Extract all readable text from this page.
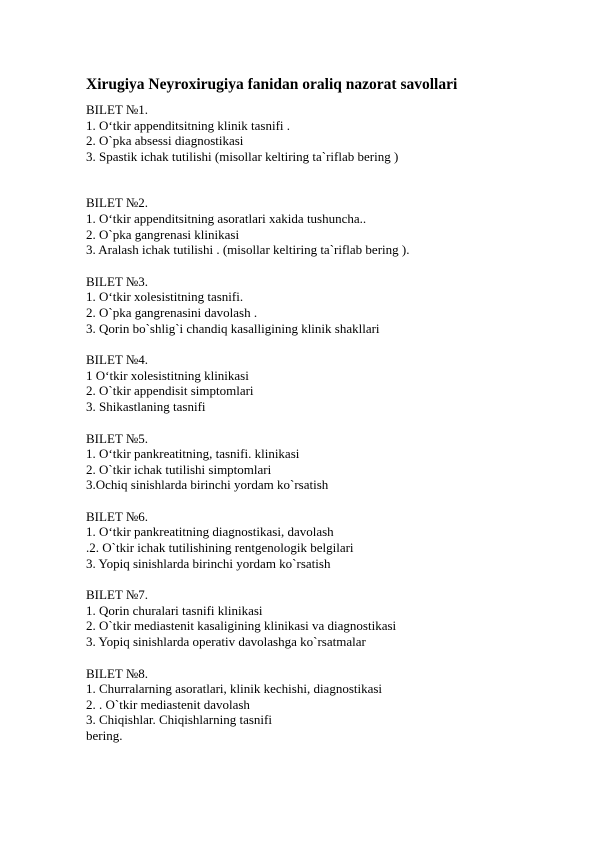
Xirugiya Neyroxirugiya fanidan oraliq nazorat savollari
BILET №1.
1. O‘tkir appenditsitning klinik tasnifi .
2. O`pka absessi diagnostikasi
3. Spastik ichak tutilishi (misollar keltiring ta`riflab bering )
BILET №2.
1. O‘tkir appenditsitning asoratlari xakida tushuncha..
2. O`pka gangrenasi klinikasi
3. Aralash ichak tutilishi . (misollar keltiring ta`riflab bering ).
BILET №3.
1. O‘tkir xolesistitning tasnifi.
2. O`pka gangrenasini davolash .
3. Qorin bo`shlig`i chandiq kasalligining klinik shakllari
BILET №4.
1 O‘tkir xolesistitning klinikasi
2. O`tkir appendisit simptomlari
3. Shikastlaning tasnifi
BILET №5.
1. O‘tkir pankreatitning, tasnifi. klinikasi
2. O`tkir ichak tutilishi simptomlari
3.Ochiq sinishlarda birinchi yordam ko`rsatish
BILET №6.
1. O‘tkir pankreatitning diagnostikasi, davolash
.2. O`tkir ichak tutilishining rentgenologik belgilari
3. Yopiq sinishlarda birinchi yordam ko`rsatish
BILET №7.
1. Qorin churalari tasnifi klinikasi
2. O`tkir mediastenit kasaligining klinikasi va diagnostikasi
3. Yopiq sinishlarda operativ davolashga ko`rsatmalar
BILET №8.
1. Churralarning asoratlari, klinik kechishi, diagnostikasi
2. . O`tkir mediastenit davolash
3. Chiqishlar. Chiqishlarning tasnifi
bering.
